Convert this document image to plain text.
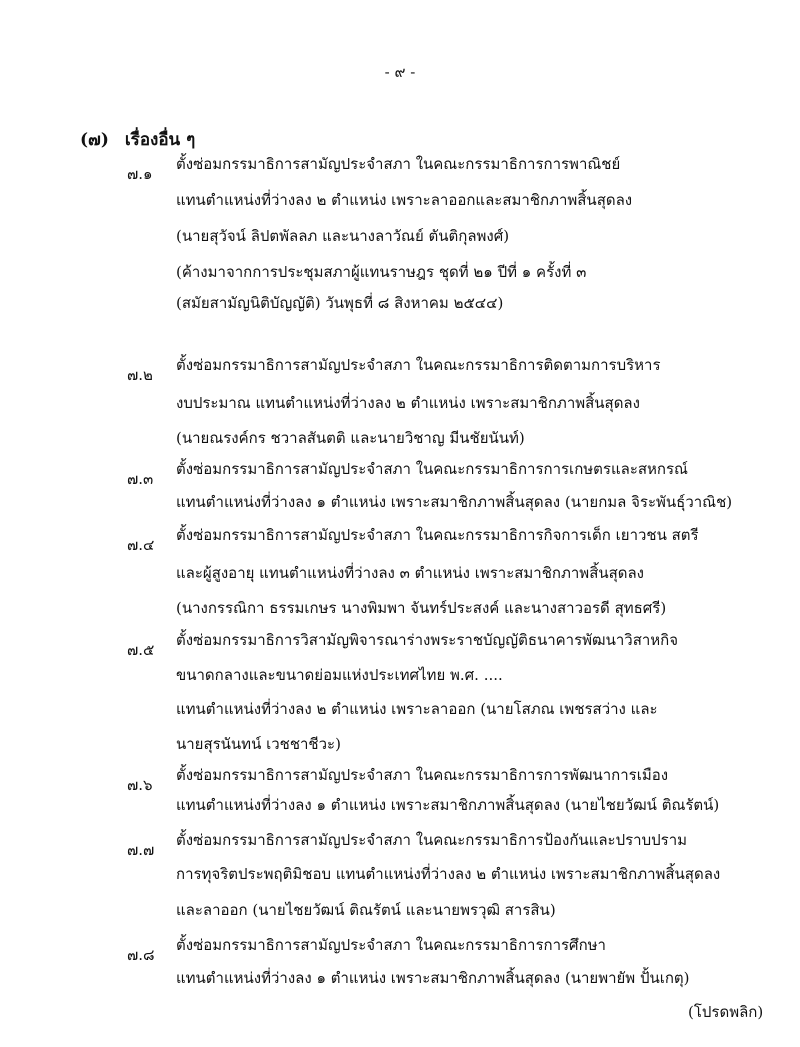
- ๙ -
(๗) เรื่องอื่น ๆ
๗.๑
ตั้งซ่อมกรรมาธิการสามัญประจำสภา ในคณะกรรมาธิการการพาณิชย์
แทนตำแหน่งที่ว่างลง ๒ ตำแหน่ง เพราะลาออกและสมาชิกภาพสิ้นสุดลง
(นายสุวัจน์ ลิปตพัลลภ และนางลาวัณย์ ตันติกุลพงศ์)
(ค้างมาจากการประชุมสภาผู้แทนราษฎร ชุดที่ ๒๑ ปีที่ ๑ ครั้งที่ ๓
(สมัยสามัญนิติบัญญัติ) วันพุธที่ ๘ สิงหาคม ๒๕๔๔)
๗.๒
ตั้งซ่อมกรรมาธิการสามัญประจำสภา ในคณะกรรมาธิการติดตามการบริหาร
งบประมาณ แทนตำแหน่งที่ว่างลง ๒ ตำแหน่ง เพราะสมาชิกภาพสิ้นสุดลง
(นายณรงค์กร ชวาลสันตติ และนายวิชาญ มีนชัยนันท์)
๗.๓
ตั้งซ่อมกรรมาธิการสามัญประจำสภา ในคณะกรรมาธิการการเกษตรและสหกรณ์
แทนตำแหน่งที่ว่างลง ๑ ตำแหน่ง เพราะสมาชิกภาพสิ้นสุดลง (นายกมล จิระพันธุ์วาณิช)
๗.๔
ตั้งซ่อมกรรมาธิการสามัญประจำสภา ในคณะกรรมาธิการกิจการเด็ก เยาวชน สตรี
และผู้สูงอายุ แทนตำแหน่งที่ว่างลง ๓ ตำแหน่ง เพราะสมาชิกภาพสิ้นสุดลง
(นางกรรณิกา ธรรมเกษร นางพิมพา จันทร์ประสงค์ และนางสาวอรดี สุทธศรี)
๗.๕
ตั้งซ่อมกรรมาธิการวิสามัญพิจารณาร่างพระราชบัญญัติธนาคารพัฒนาวิสาหกิจ
ขนาดกลางและขนาดย่อมแห่งประเทศไทย พ.ศ. ....
แทนตำแหน่งที่ว่างลง ๒ ตำแหน่ง เพราะลาออก (นายโสภณ เพชรสว่าง และ
นายสุรนันทน์ เวชชาชีวะ)
๗.๖
ตั้งซ่อมกรรมาธิการสามัญประจำสภา ในคณะกรรมาธิการการพัฒนาการเมือง
แทนตำแหน่งที่ว่างลง ๑ ตำแหน่ง เพราะสมาชิกภาพสิ้นสุดลง (นายไชยวัฒน์ ติณรัตน์)
๗.๗
ตั้งซ่อมกรรมาธิการสามัญประจำสภา ในคณะกรรมาธิการป้องกันและปราบปราม
การทุจริตประพฤติมิชอบ แทนตำแหน่งที่ว่างลง ๒ ตำแหน่ง เพราะสมาชิกภาพสิ้นสุดลง
และลาออก (นายไชยวัฒน์ ติณรัตน์ และนายพรวุฒิ สารสิน)
๗.๘
ตั้งซ่อมกรรมาธิการสามัญประจำสภา ในคณะกรรมาธิการการศึกษา
แทนตำแหน่งที่ว่างลง ๑ ตำแหน่ง เพราะสมาชิกภาพสิ้นสุดลง (นายพายัพ ปั้นเกตุ)
(โปรดพลิก)
